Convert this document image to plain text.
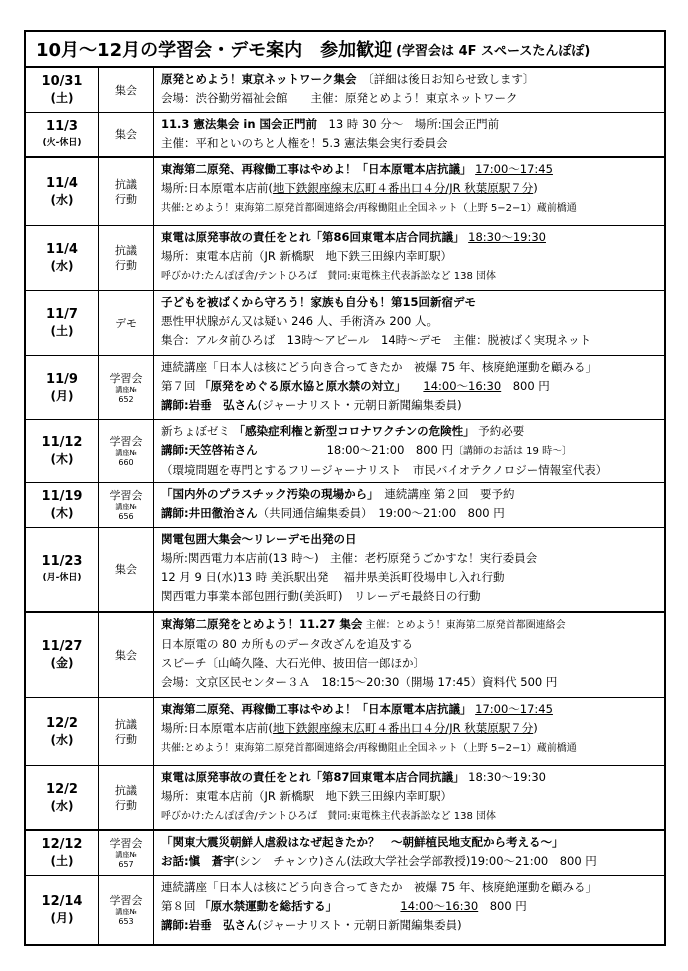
10月～12月の学習会・デモ案内　参加歓迎 (学習会は 4F スペースたんぽぽ)
10/31
(土)
集会
原発とめよう！東京ネットワーク集会　〔詳細は後日お知らせ致します〕
会場：渋谷勤労福祉会館　　主催：原発とめよう！東京ネットワーク
11/3
(火-休日)
集会
11.3 憲法集会 in 国会正門前　13 時 30 分～　場所:国会正門前
主催：平和といのちと人権を！5.3 憲法集会実行委員会
11/4
(水)
抗議
行動
東海第二原発、再稼働工事はやめよ！「日本原電本店抗議」 17:00～17:45
場所:日本原電本店前(地下鉄銀座線末広町４番出口４分/JR 秋葉原駅７分)
共催:とめよう！東海第二原発首都圏連絡会/再稼働阻止全国ネット（上野 5−2−1）蔵前橋通
11/4
(水)
抗議
行動
東電は原発事故の責任をとれ「第86回東電本店合同抗議」 18:30～19:30
場所：東電本店前（JR 新橋駅　地下鉄三田線内幸町駅）
呼びかけ:たんぽぽ舎/テントひろば　賛同:東電株主代表訴訟など 138 団体
11/7
(土)
デモ
子どもを被ばくから守ろう！家族も自分も！第15回新宿デモ
悪性甲状腺がん又は疑い 246 人、手術済み 200 人。
集合：アルタ前ひろば　13時～アピール　14時～デモ　主催：脱被ばく実現ネット
11/9
(月)
学習会
講座№
652
連続講座「日本人は核にどう向き合ってきたか　被爆 75 年、核廃絶運動を顧みる」
第７回 「原発をめぐる原水協と原水禁の対立」　　 14:00～16:30　800 円
講師:岩垂　弘さん(ジャーナリスト・元朝日新聞編集委員)
11/12
(木)
学習会
講座№
660
新ちょぼゼミ 「感染症利権と新型コロナワクチンの危険性」 予約必要
講師:天笠啓祐さん　　　　　　18:00～21:00　800 円〔講師のお話は 19 時～〕
（環境問題を専門とするフリージャーナリスト　市民バイオテクノロジー情報室代表）
11/19
(木)
学習会
講座№
656
「国内外のプラスチック汚染の現場から」　連続講座 第２回　要予約
講師:井田徹治さん（共同通信編集委員）　19:00～21:00　800 円
11/23
(月-休日)
集会
関電包囲大集会～リレーデモ出発の日
場所:関西電力本店前(13 時～)　主催：老朽原発うごかすな！実行委員会
12 月 9 日(水)13 時 美浜駅出発　 福井県美浜町役場申し入れ行動
関西電力事業本部包囲行動(美浜町)　リレーデモ最終日の行動
11/27
(金)
集会
東海第二原発をとめよう！11.27 集会 主催：とめよう！東海第二原発首都圏連絡会
日本原電の 80 カ所ものデータ改ざんを追及する
スピーチ〔山崎久隆、大石光伸、披田信一郎ほか〕
会場：文京区民センター３Ａ　18:15～20:30（開場 17:45）資料代 500 円
12/2
(水)
抗議
行動
東海第二原発、再稼働工事はやめよ！「日本原電本店抗議」 17:00～17:45
場所:日本原電本店前(地下鉄銀座線末広町４番出口４分/JR 秋葉原駅７分)
共催:とめよう！東海第二原発首都圏連絡会/再稼働阻止全国ネット（上野 5−2−1）蔵前橋通
12/2
(水)
抗議
行動
東電は原発事故の責任をとれ「第87回東電本店合同抗議」 18:30～19:30
場所：東電本店前（JR 新橋駅　地下鉄三田線内幸町駅）
呼びかけ:たんぽぽ舎/テントひろば　賛同:東電株主代表訴訟など 138 団体
12/12
(土)
学習会
講座№
657
「関東大震災朝鮮人虐殺はなぜ起きたか？　～朝鮮植民地支配から考える～」
お話:愼　蒼宇(シン　チャンウ)さん(法政大学社会学部教授)19:00～21:00　800 円
12/14
(月)
学習会
講座№
653
連続講座「日本人は核にどう向き合ってきたか　被爆 75 年、核廃絶運動を顧みる」
第８回 「原水禁運動を総括する」　　　　　　	14:00～16:30　800 円
講師:岩垂　弘さん(ジャーナリスト・元朝日新聞編集委員)
